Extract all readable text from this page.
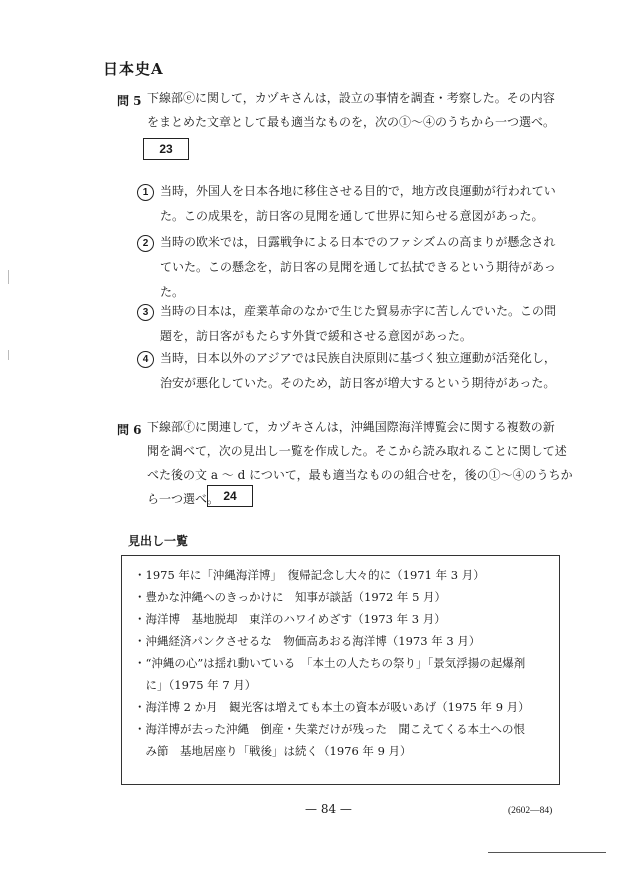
日本史A
問 5 下線部ⓔに関して，カヅキさんは，設立の事情を調査・考察した。その内容
をまとめた文章として最も適当なものを，次の①～④のうちから一つ選べ。
23
1 当時，外国人を日本各地に移住させる目的で，地方改良運動が行われてい
た。この成果を，訪日客の見聞を通して世界に知らせる意図があった。
2 当時の欧米では，日露戦争による日本でのファシズムの高まりが懸念され
ていた。この懸念を，訪日客の見聞を通して払拭できるという期待があっ
た。
3 当時の日本は，産業革命のなかで生じた貿易赤字に苦しんでいた。この問
題を，訪日客がもたらす外貨で緩和させる意図があった。
4 当時，日本以外のアジアでは民族自決原則に基づく独立運動が活発化し，
治安が悪化していた。そのため，訪日客が増大するという期待があった。
問 6 下線部ⓕに関連して，カヅキさんは，沖縄国際海洋博覧会に関する複数の新
聞を調べて，次の見出し一覧を作成した。そこから読み取れることに関して述
べた後の文 a ～ d について，最も適当なものの組合せを，後の①～④のうちか
ら一つ選べ。 24
見出し一覧
・1975 年に「沖縄海洋博」　復帰記念し大々的に（1971 年 3 月）
・豊かな沖縄へのきっかけに　知事が談話（1972 年 5 月）
・海洋博　基地脱却　東洋のハワイめざす（1973 年 3 月）
・沖縄経済パンクさせるな　物価高あおる海洋博（1973 年 3 月）
・“沖縄の心”は揺れ動いている　「本土の人たちの祭り」「景気浮揚の起爆剤
　に」（1975 年 7 月）
・海洋博 2 か月　観光客は増えても本土の資本が吸いあげ（1975 年 9 月）
・海洋博が去った沖縄　倒産・失業だけが残った　聞こえてくる本土への恨
　み節　基地居座り「戦後」は続く（1976 年 9 月）
— 84 —	(2602—84)
